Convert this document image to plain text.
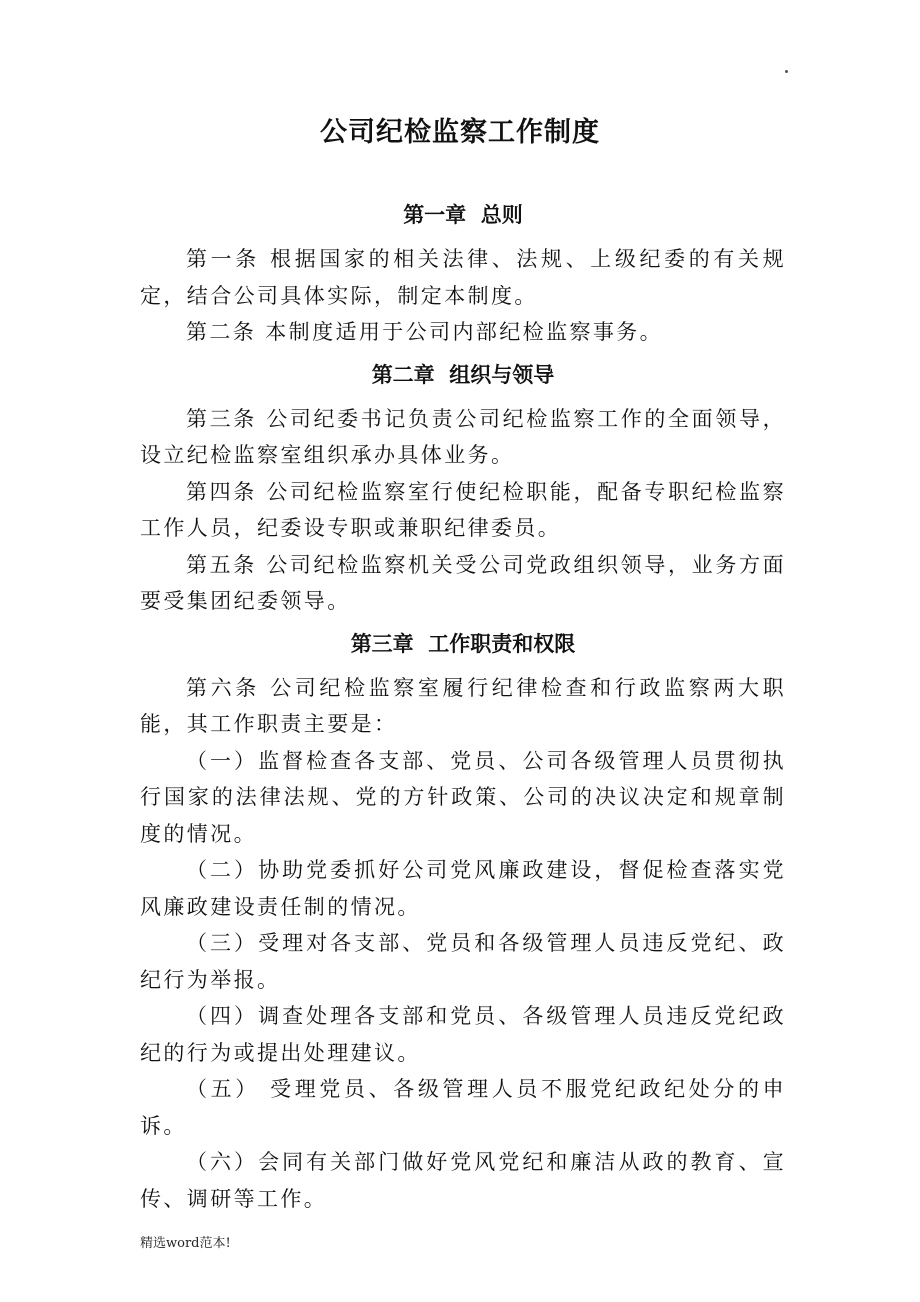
公司纪检监察工作制度
第一章  总则

第一条 根据国家的相关法律、法规、上级纪委的有关规定，结合公司具体实际，制定本制度。

第二条 本制度适用于公司内部纪检监察事务。

第二章  组织与领导

第三条 公司纪委书记负责公司纪检监察工作的全面领导，设立纪检监察室组织承办具体业务。

第四条 公司纪检监察室行使纪检职能，配备专职纪检监察工作人员，纪委设专职或兼职纪律委员。

第五条 公司纪检监察机关受公司党政组织领导，业务方面要受集团纪委领导。

第三章  工作职责和权限

第六条 公司纪检监察室履行纪律检查和行政监察两大职能，其工作职责主要是：

（一）监督检查各支部、党员、公司各级管理人员贯彻执行国家的法律法规、党的方针政策、公司的决议决定和规章制度的情况。

（二）协助党委抓好公司党风廉政建设，督促检查落实党风廉政建设责任制的情况。

（三）受理对各支部、党员和各级管理人员违反党纪、政纪行为举报。

（四）调查处理各支部和党员、各级管理人员违反党纪政纪的行为或提出处理建议。

（五） 受理党员、各级管理人员不服党纪政纪处分的申诉。

（六）会同有关部门做好党风党纪和廉洁从政的教育、宣传、调研等工作。

精选word范本!
